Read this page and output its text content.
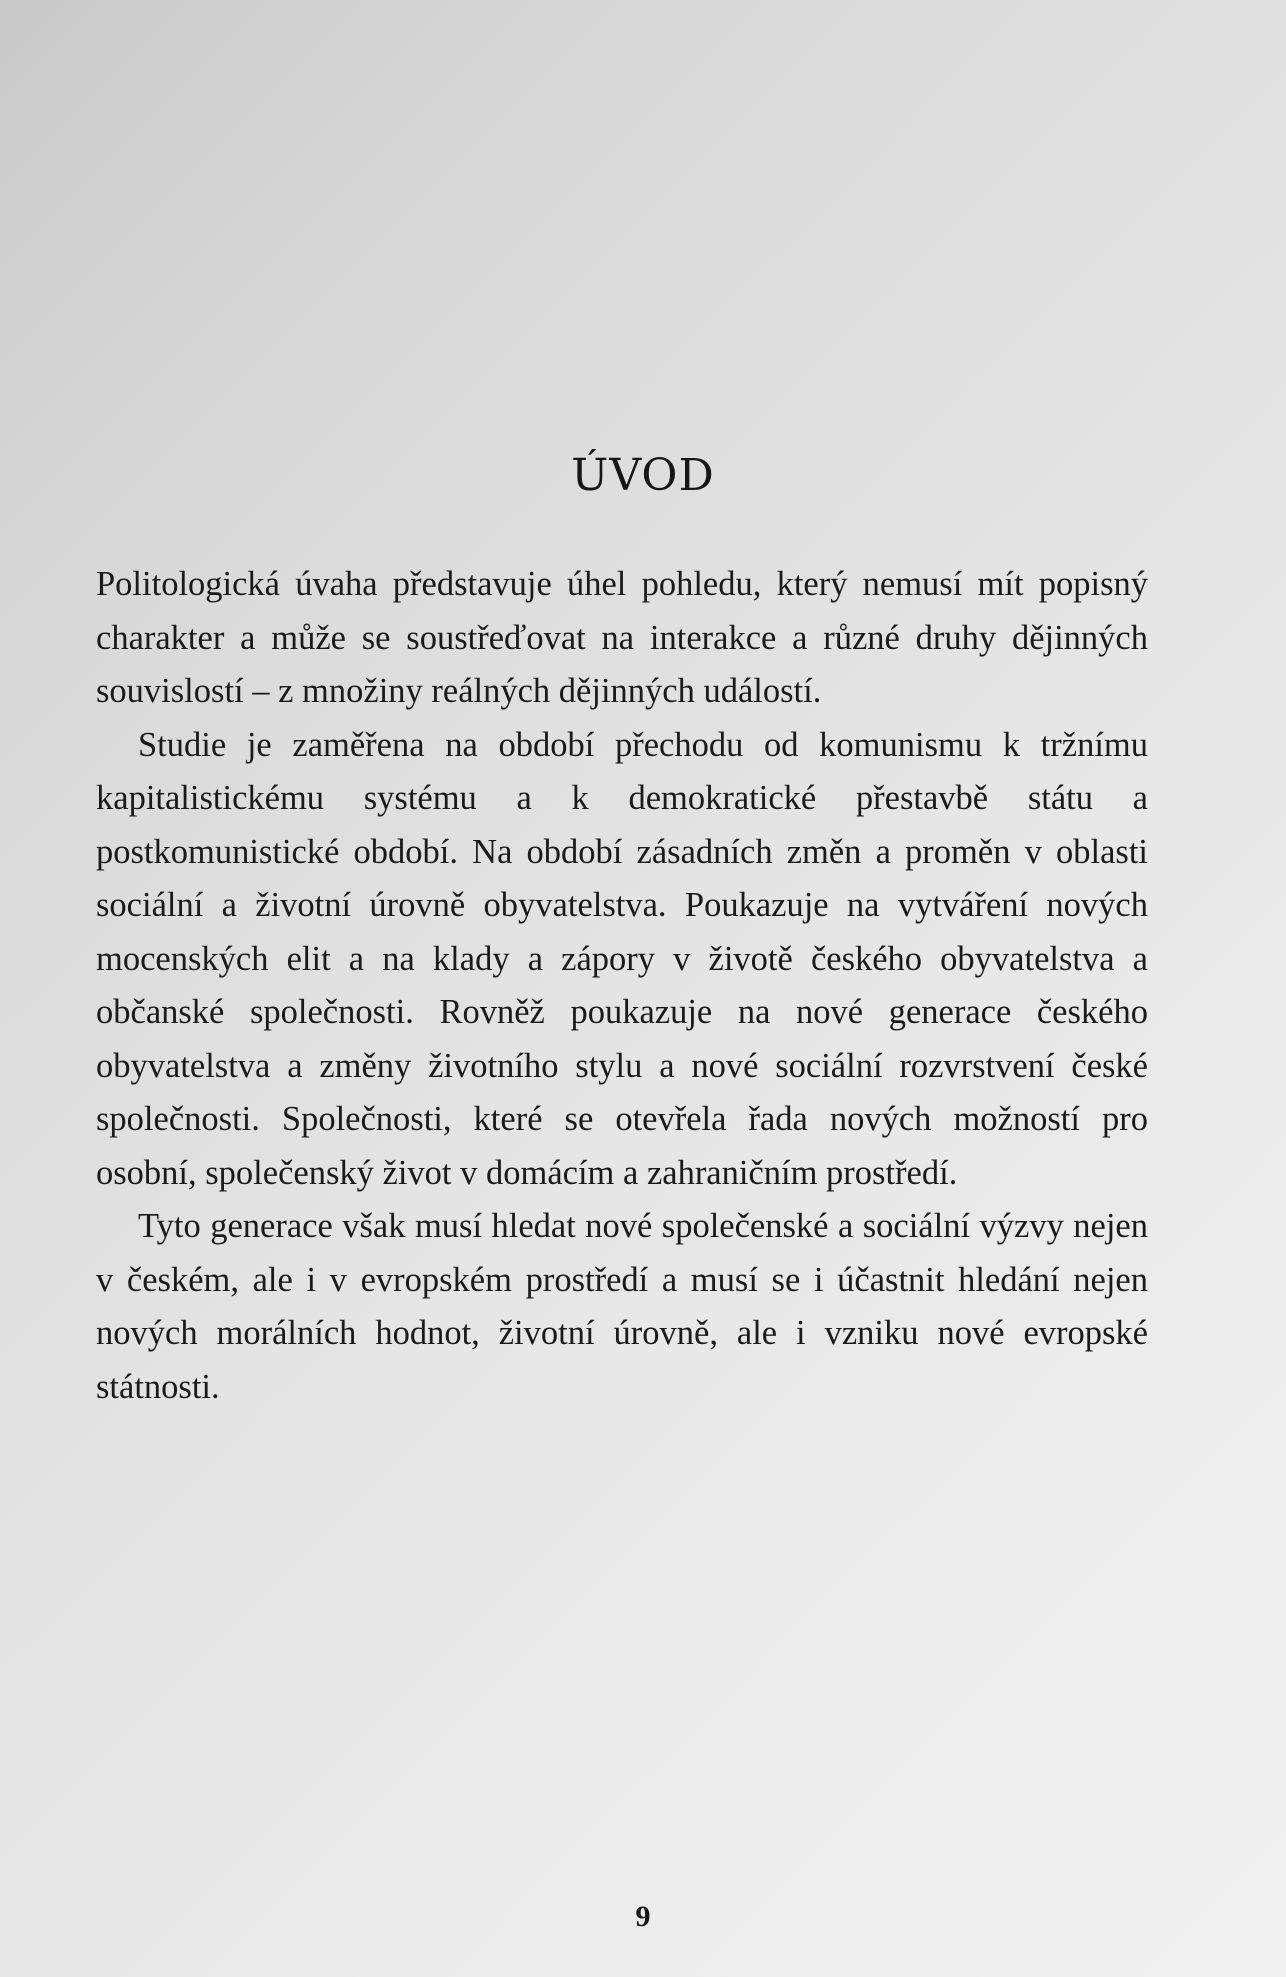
ÚVOD

Politologická úvaha představuje úhel pohledu, který nemusí mít popisný charakter a může se soustřeďovat na interakce a různé druhy dějinných souvislostí – z množiny reálných dějinných událostí.

Studie je zaměřena na období přechodu od komunismu k tržnímu kapitalistickému systému a k demokratické přestavbě státu a postkomunistické období. Na období zásadních změn a proměn v oblasti sociální a životní úrovně obyvatelstva. Poukazuje na vytváření nových mocenských elit a na klady a zápory v životě českého obyvatelstva a občanské společnosti. Rovněž poukazuje na nové generace českého obyvatelstva a změny životního stylu a nové sociální rozvrstvení české společnosti. Společnosti, které se otevřela řada nových možností pro osobní, společenský život v domácím a zahraničním prostředí.

Tyto generace však musí hledat nové společenské a sociální výzvy nejen v českém, ale i v evropském prostředí a musí se i účastnit hledání nejen nových morálních hodnot, životní úrovně, ale i vzniku nové evropské státnosti.

9
